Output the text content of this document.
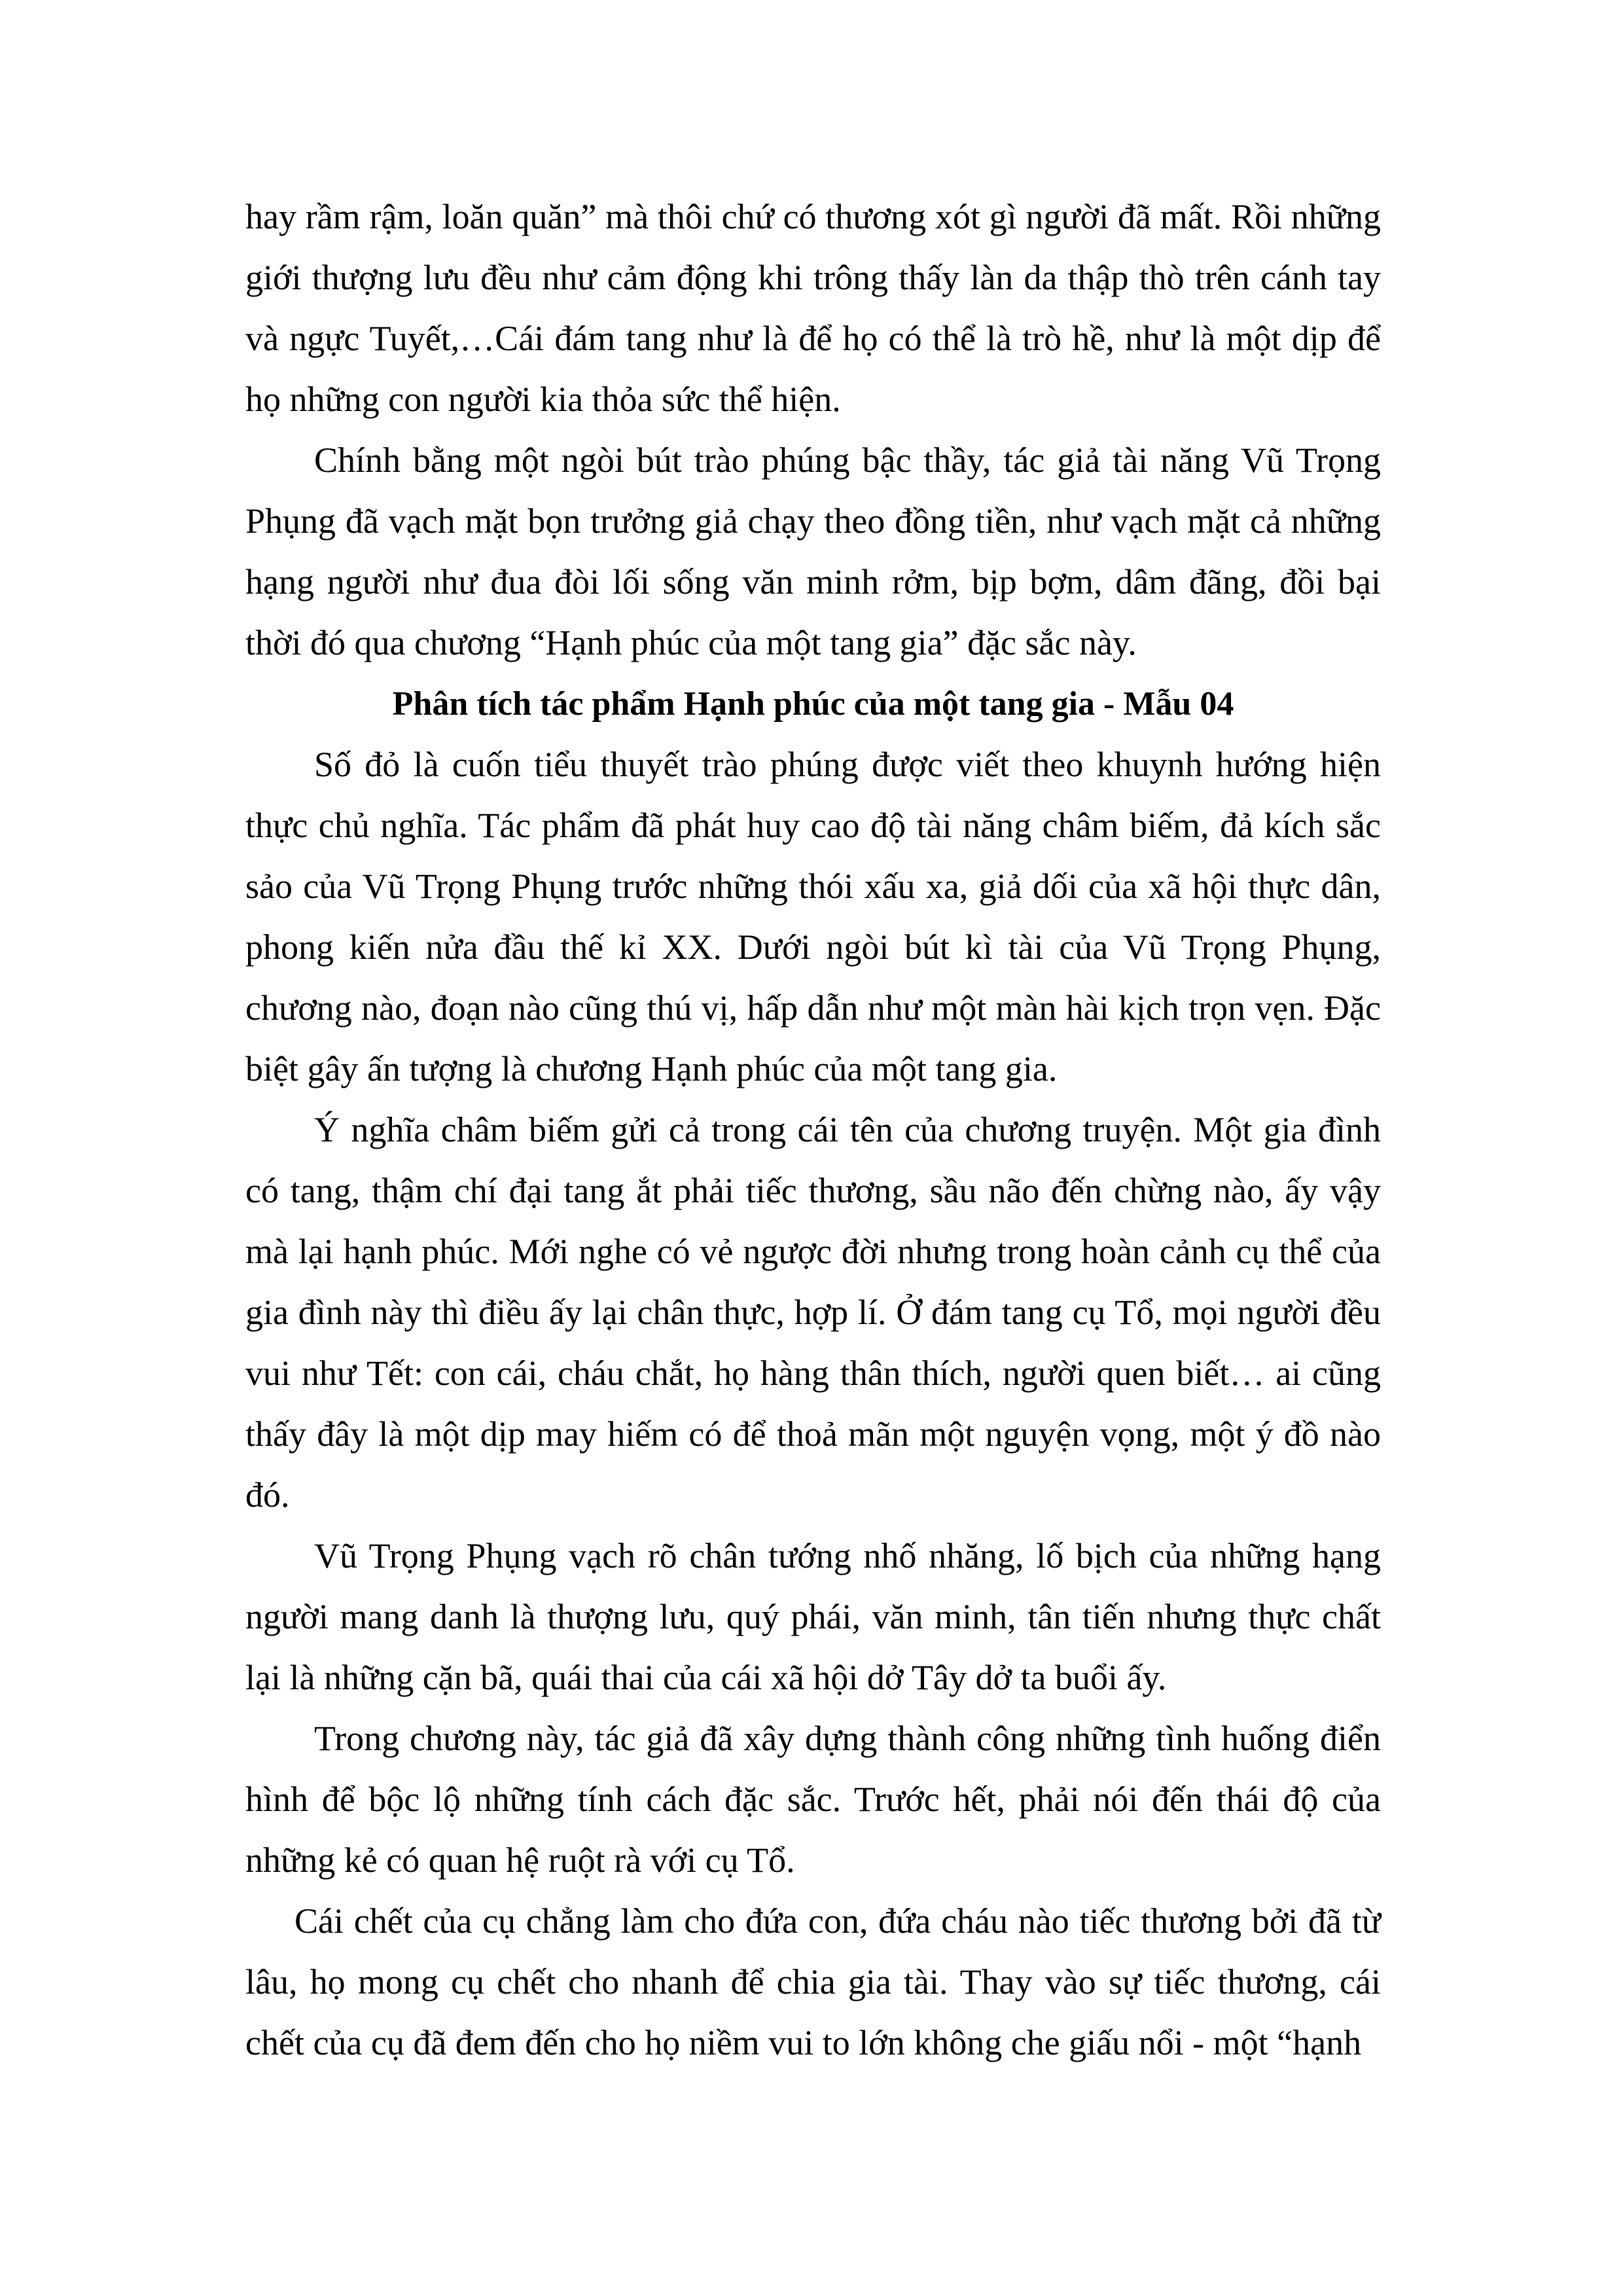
hay rầm rậm, loăn quăn” mà thôi chứ có thương xót gì người đã mất. Rồi những giới thượng lưu đều như cảm động khi trông thấy làn da thập thò trên cánh tay và ngực Tuyết,…Cái đám tang như là để họ có thể là trò hề, như là một dịp để họ những con người kia thỏa sức thể hiện.

Chính bằng một ngòi bút trào phúng bậc thầy, tác giả tài năng Vũ Trọng Phụng đã vạch mặt bọn trưởng giả chạy theo đồng tiền, như vạch mặt cả những hạng người như đua đòi lối sống văn minh rởm, bịp bợm, dâm đãng, đồi bại thời đó qua chương “Hạnh phúc của một tang gia” đặc sắc này.

Phân tích tác phẩm Hạnh phúc của một tang gia - Mẫu 04

Số đỏ là cuốn tiểu thuyết trào phúng được viết theo khuynh hướng hiện thực chủ nghĩa. Tác phẩm đã phát huy cao độ tài năng châm biếm, đả kích sắc sảo của Vũ Trọng Phụng trước những thói xấu xa, giả dối của xã hội thực dân, phong kiến nửa đầu thế kỉ XX. Dưới ngòi bút kì tài của Vũ Trọng Phụng, chương nào, đoạn nào cũng thú vị, hấp dẫn như một màn hài kịch trọn vẹn. Đặc biệt gây ấn tượng là chương Hạnh phúc của một tang gia.

Ý nghĩa châm biếm gửi cả trong cái tên của chương truyện. Một gia đình có tang, thậm chí đại tang ắt phải tiếc thương, sầu não đến chừng nào, ấy vậy mà lại hạnh phúc. Mới nghe có vẻ ngược đời nhưng trong hoàn cảnh cụ thể của gia đình này thì điều ấy lại chân thực, hợp lí. Ở đám tang cụ Tổ, mọi người đều vui như Tết: con cái, cháu chắt, họ hàng thân thích, người quen biết… ai cũng thấy đây là một dịp may hiếm có để thoả mãn một nguyện vọng, một ý đồ nào đó.

Vũ Trọng Phụng vạch rõ chân tướng nhố nhăng, lố bịch của những hạng người mang danh là thượng lưu, quý phái, văn minh, tân tiến nhưng thực chất lại là những cặn bã, quái thai của cái xã hội dở Tây dở ta buổi ấy.

Trong chương này, tác giả đã xây dựng thành công những tình huống điển hình để bộc lộ những tính cách đặc sắc. Trước hết, phải nói đến thái độ của những kẻ có quan hệ ruột rà với cụ Tổ.

Cái chết của cụ chẳng làm cho đứa con, đứa cháu nào tiếc thương bởi đã từ lâu, họ mong cụ chết cho nhanh để chia gia tài. Thay vào sự tiếc thương, cái chết của cụ đã đem đến cho họ niềm vui to lớn không che giấu nổi - một “hạnh
